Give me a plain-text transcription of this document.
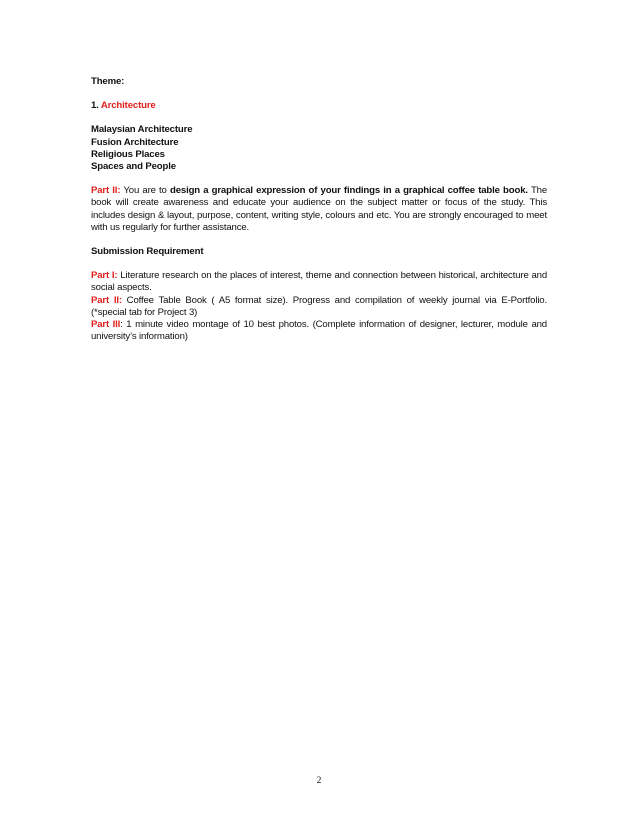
Theme:

1. Architecture

Malaysian Architecture
Fusion Architecture
Religious Places
Spaces and People

Part II: You are to design a graphical expression of your findings in a graphical coffee table book. The book will create awareness and educate your audience on the subject matter or focus of the study. This includes design & layout, purpose, content, writing style, colours and etc. You are strongly encouraged to meet with us regularly for further assistance.

Submission Requirement

Part I: Literature research on the places of interest, theme and connection between historical, architecture and social aspects.

Part II: Coffee Table Book ( A5 format size). Progress and compilation of weekly journal via E-Portfolio. (*special tab for Project 3)

Part III: 1 minute video montage of 10 best photos. (Complete information of designer, lecturer, module and university’s information)

2
